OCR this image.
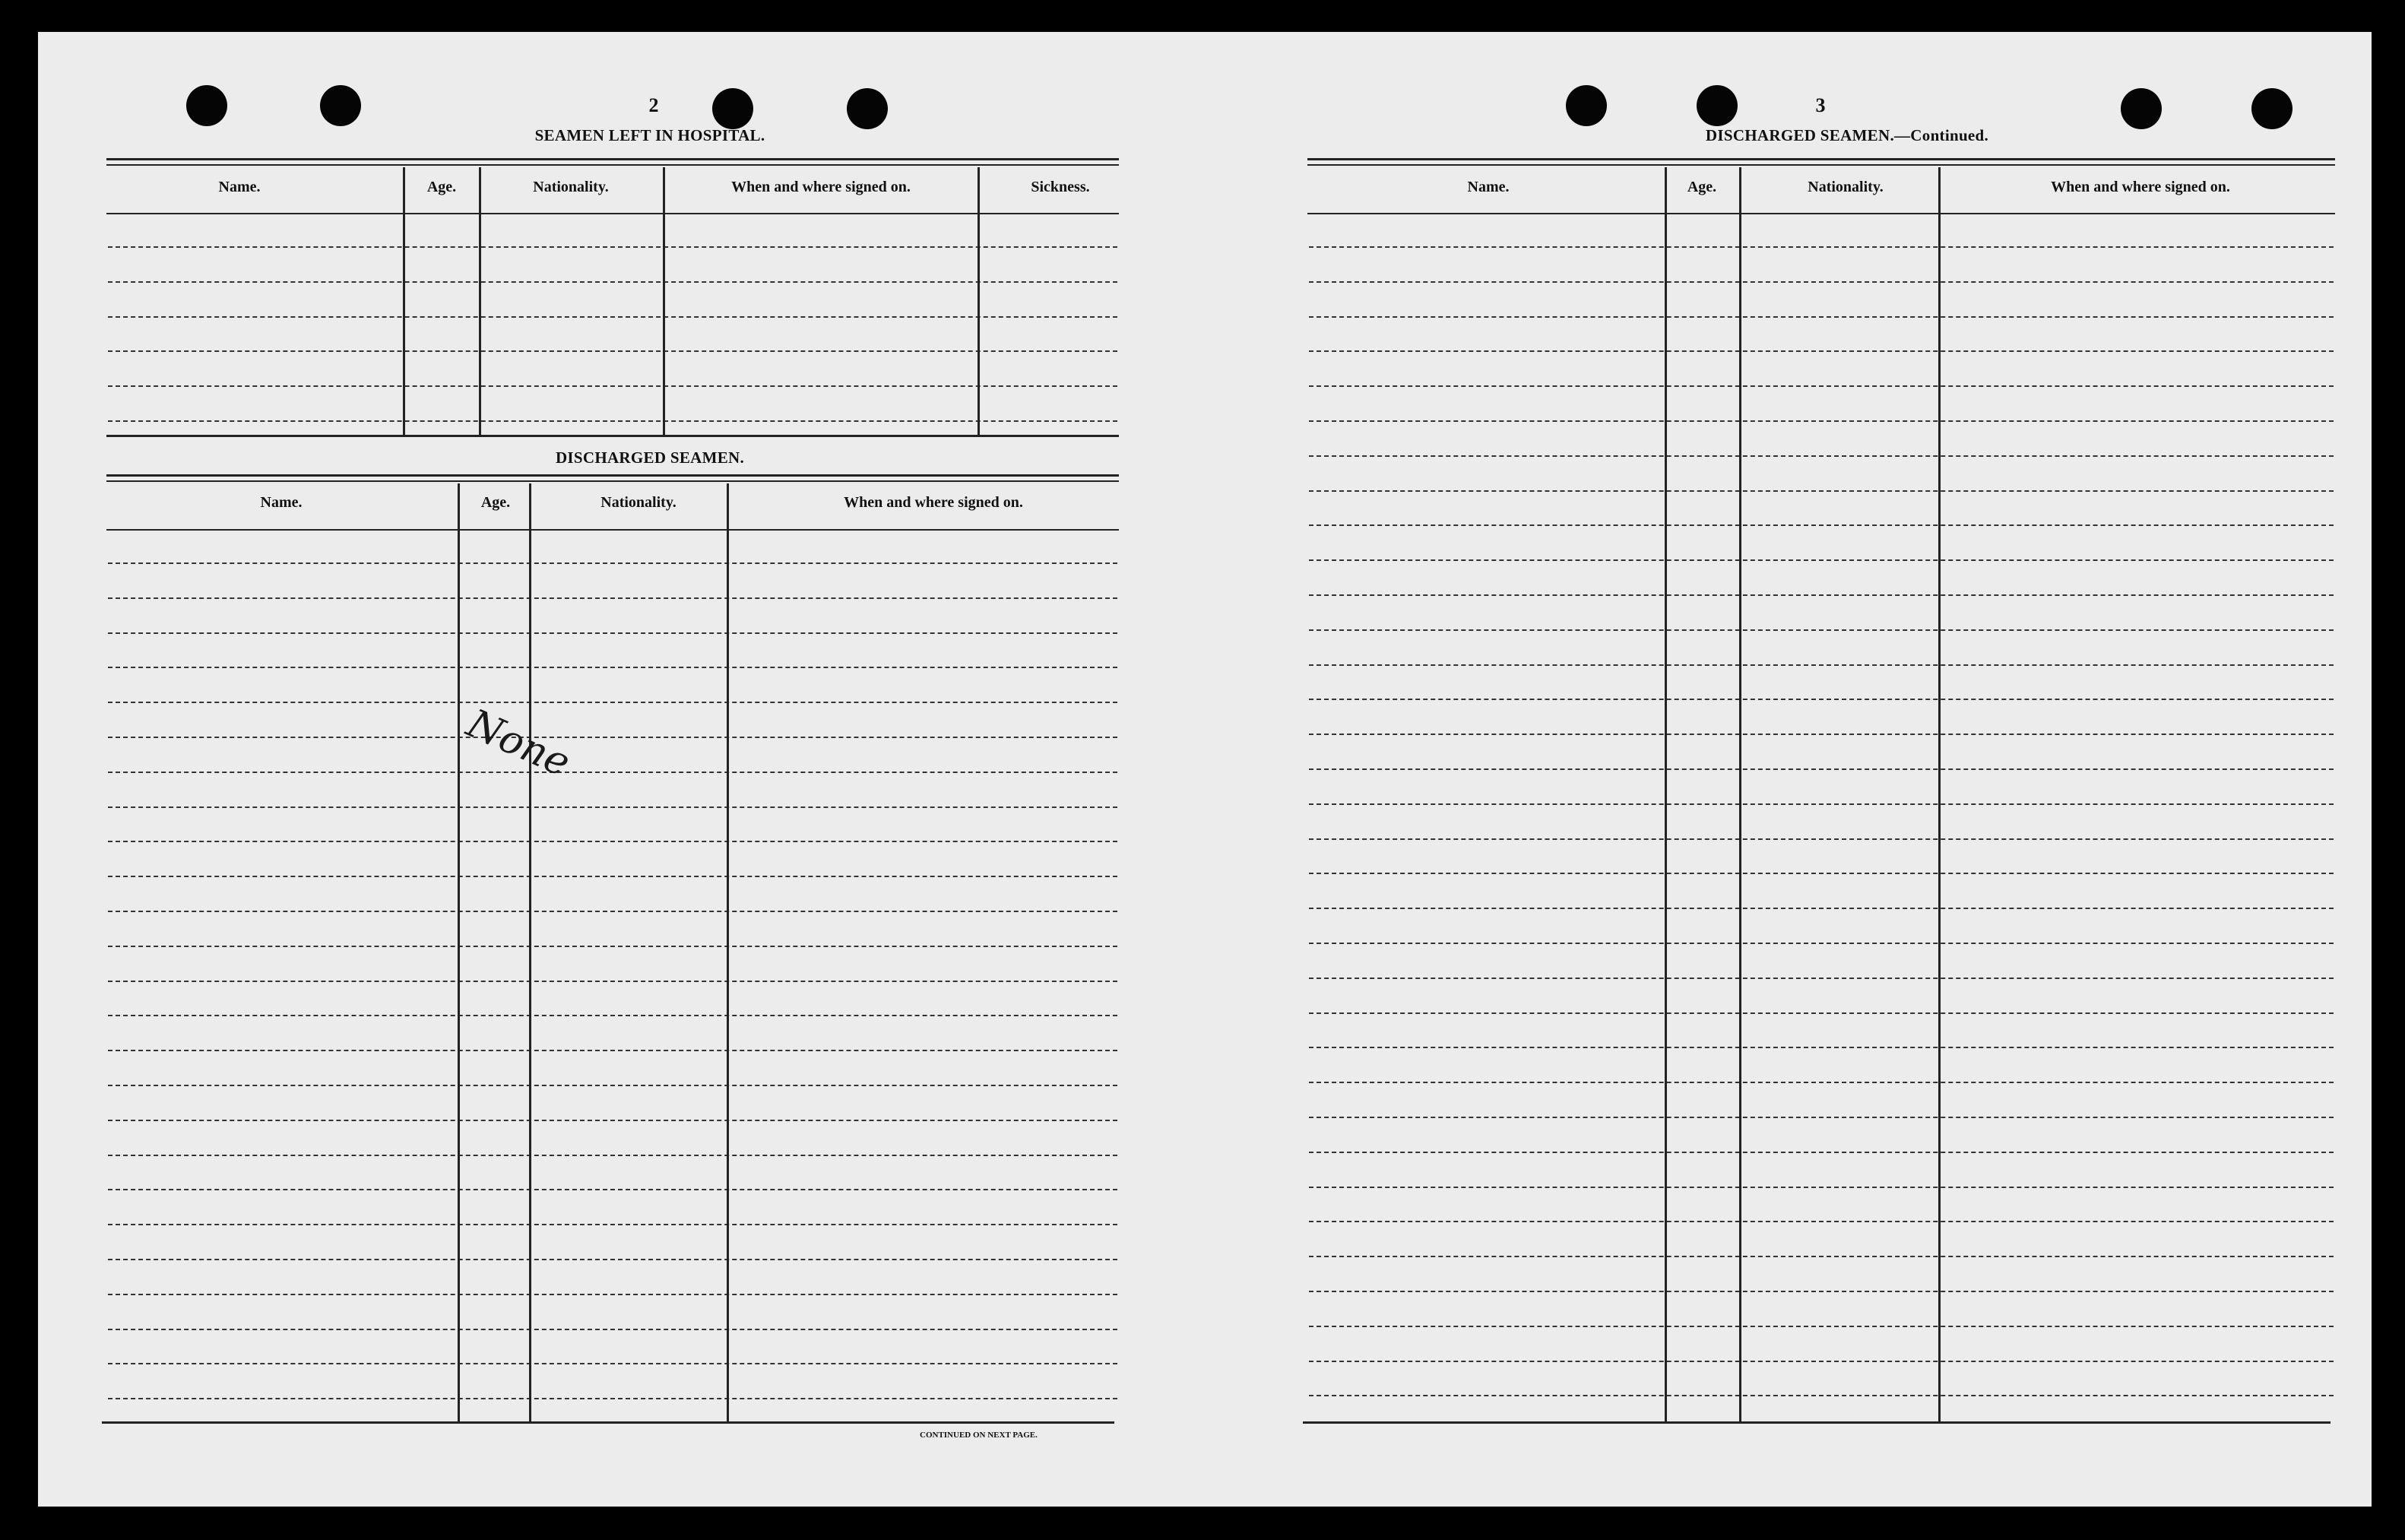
2
SEAMEN LEFT IN HOSPITAL.
Name.	Age.	Nationality.	When and where signed on.	Sickness.
DISCHARGED SEAMEN.
Name.	Age.	Nationality.	When and where signed on.
CONTINUED ON NEXT PAGE.
None
3
DISCHARGED SEAMEN.—Continued.
Name.	Age.	Nationality.	When and where signed on.
